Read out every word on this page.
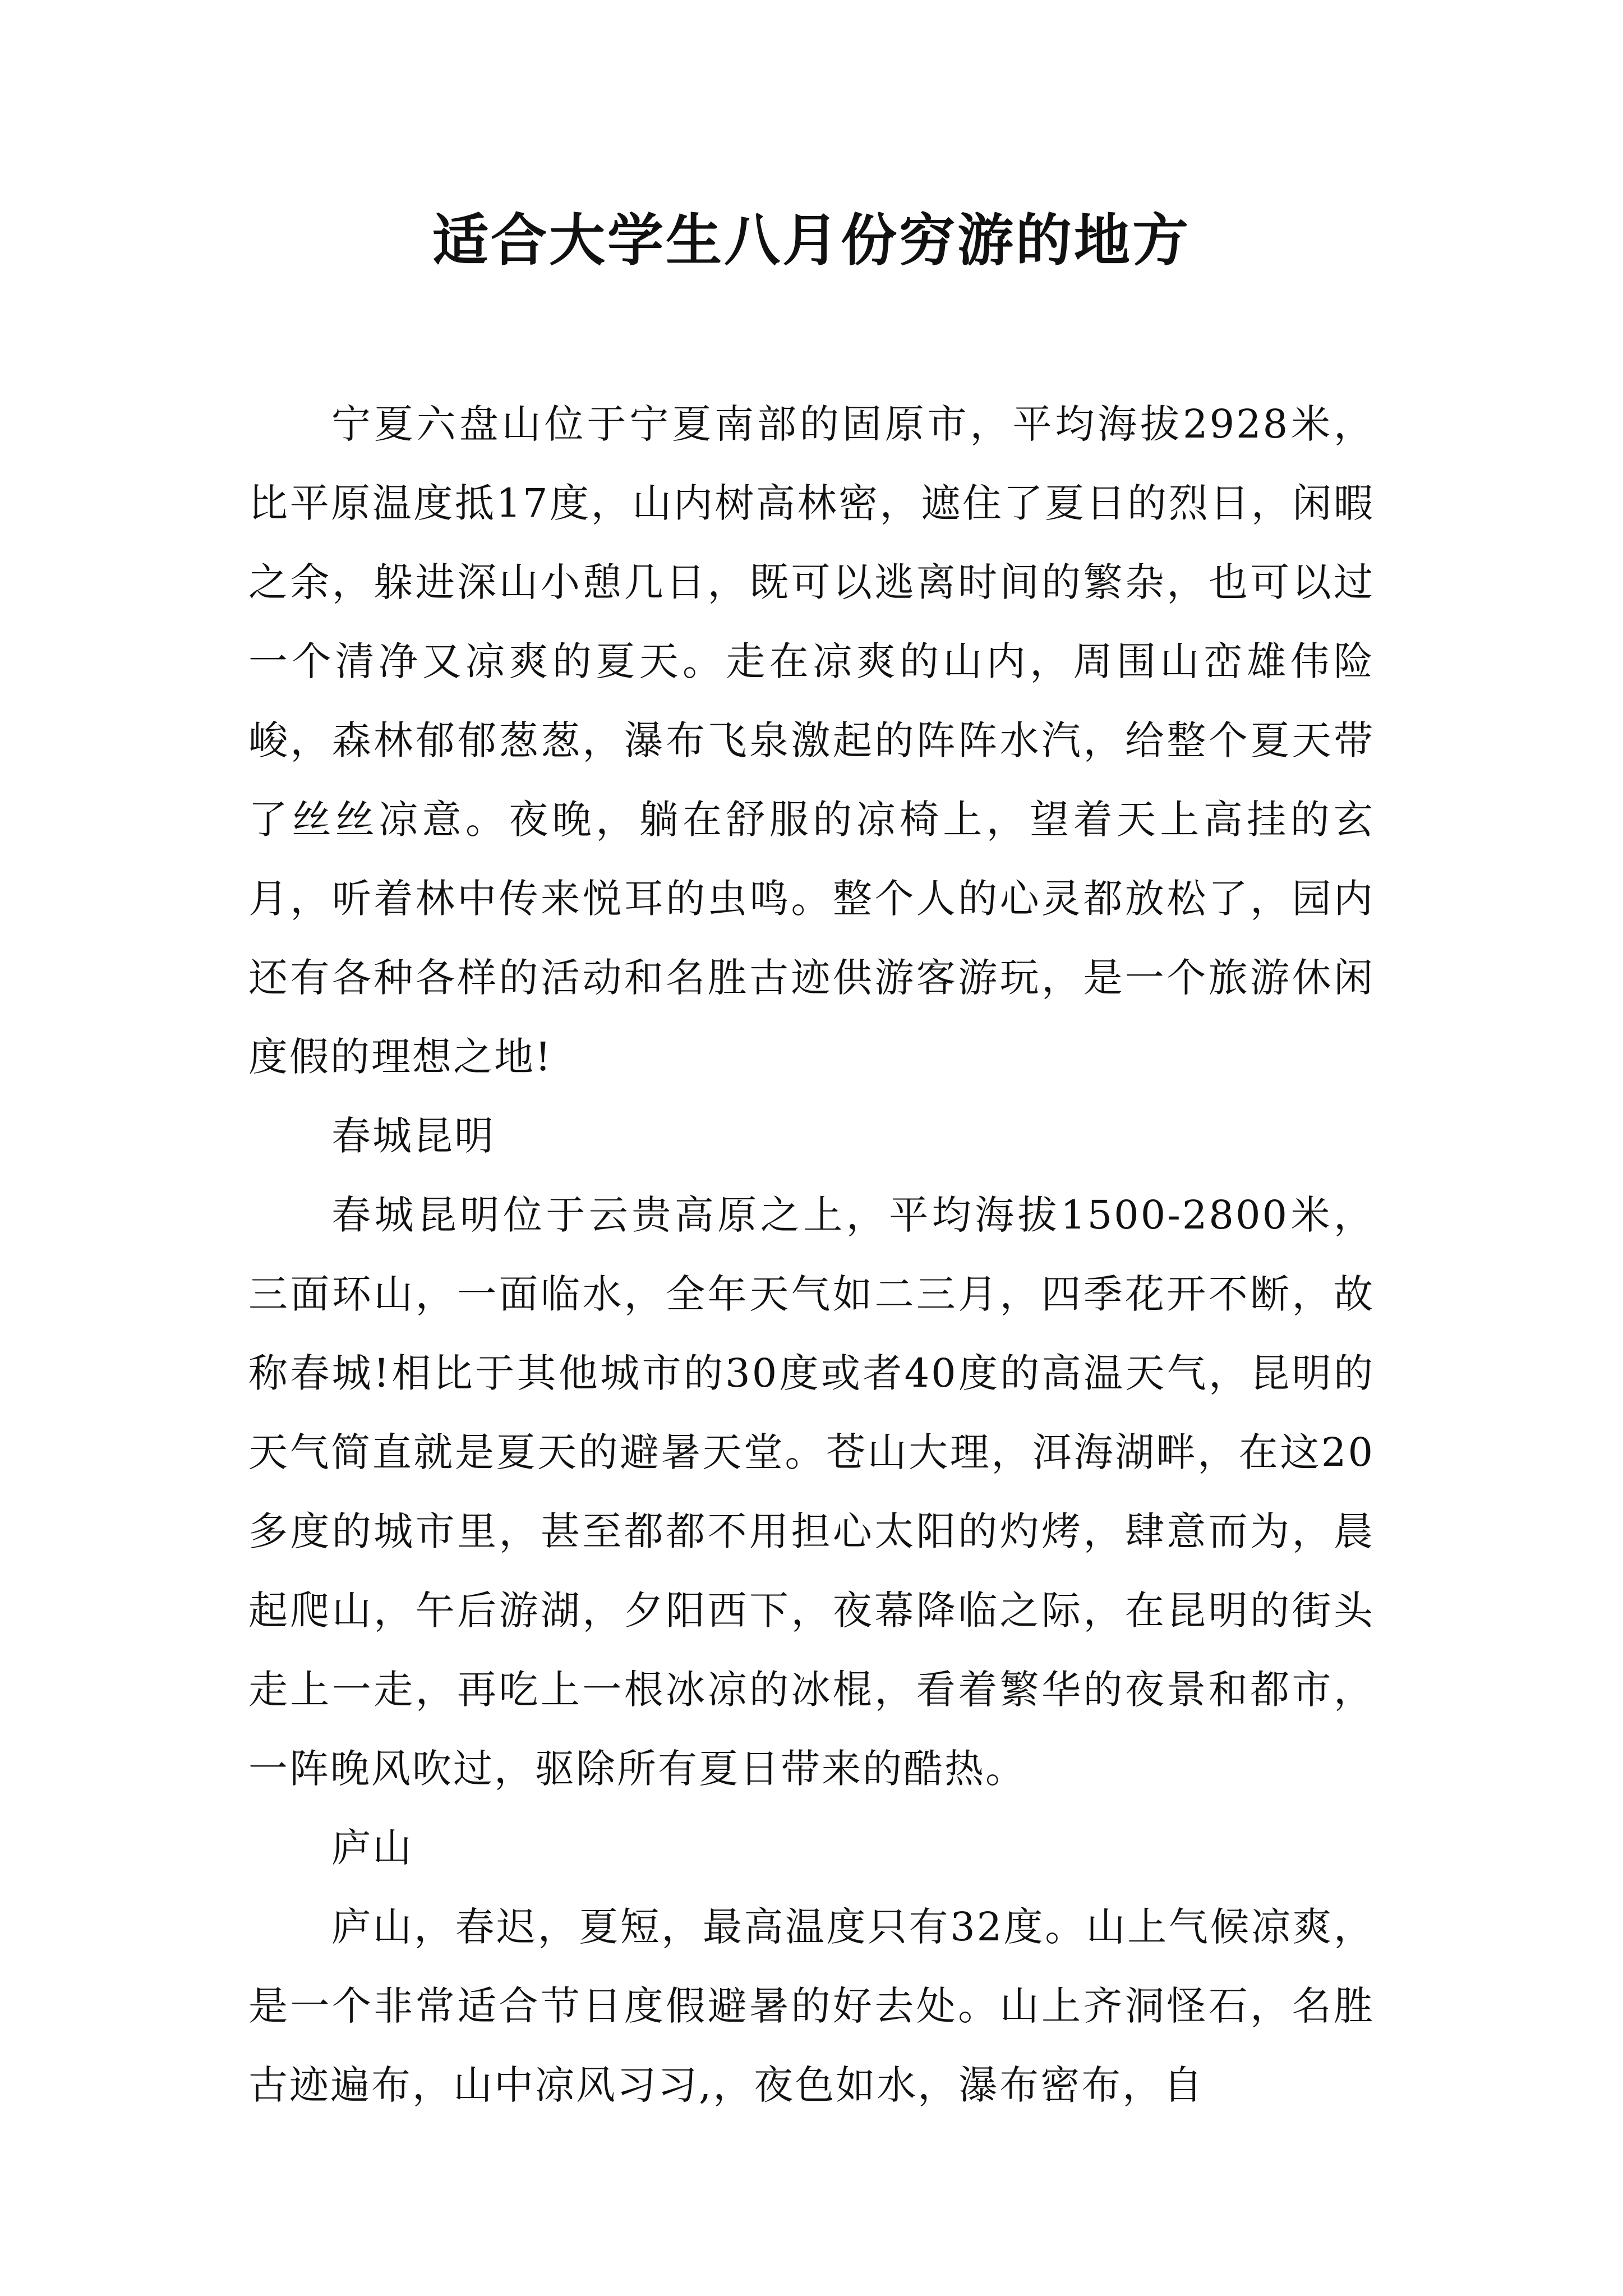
适合大学生八月份穷游的地方

宁夏六盘山位于宁夏南部的固原市，平均海拔2928米，比平原温度抵17度，山内树高林密，遮住了夏日的烈日，闲暇之余，躲进深山小憩几日，既可以逃离时间的繁杂，也可以过一个清净又凉爽的夏天。走在凉爽的山内，周围山峦雄伟险峻，森林郁郁葱葱，瀑布飞泉激起的阵阵水汽，给整个夏天带了丝丝凉意。夜晚，躺在舒服的凉椅上，望着天上高挂的玄月，听着林中传来悦耳的虫鸣。整个人的心灵都放松了，园内还有各种各样的活动和名胜古迹供游客游玩，是一个旅游休闲度假的理想之地!

春城昆明

春城昆明位于云贵高原之上，平均海拔1500-2800米，三面环山，一面临水，全年天气如二三月，四季花开不断，故称春城!相比于其他城市的30度或者40度的高温天气，昆明的天气简直就是夏天的避暑天堂。苍山大理，洱海湖畔，在这20多度的城市里，甚至都都不用担心太阳的灼烤，肆意而为，晨起爬山，午后游湖，夕阳西下，夜幕降临之际，在昆明的街头走上一走，再吃上一根冰凉的冰棍，看着繁华的夜景和都市，一阵晚风吹过，驱除所有夏日带来的酷热。

庐山

庐山，春迟，夏短，最高温度只有32度。山上气候凉爽，是一个非常适合节日度假避暑的好去处。山上齐洞怪石，名胜古迹遍布，山中凉风习习,，夜色如水，瀑布密布，自
